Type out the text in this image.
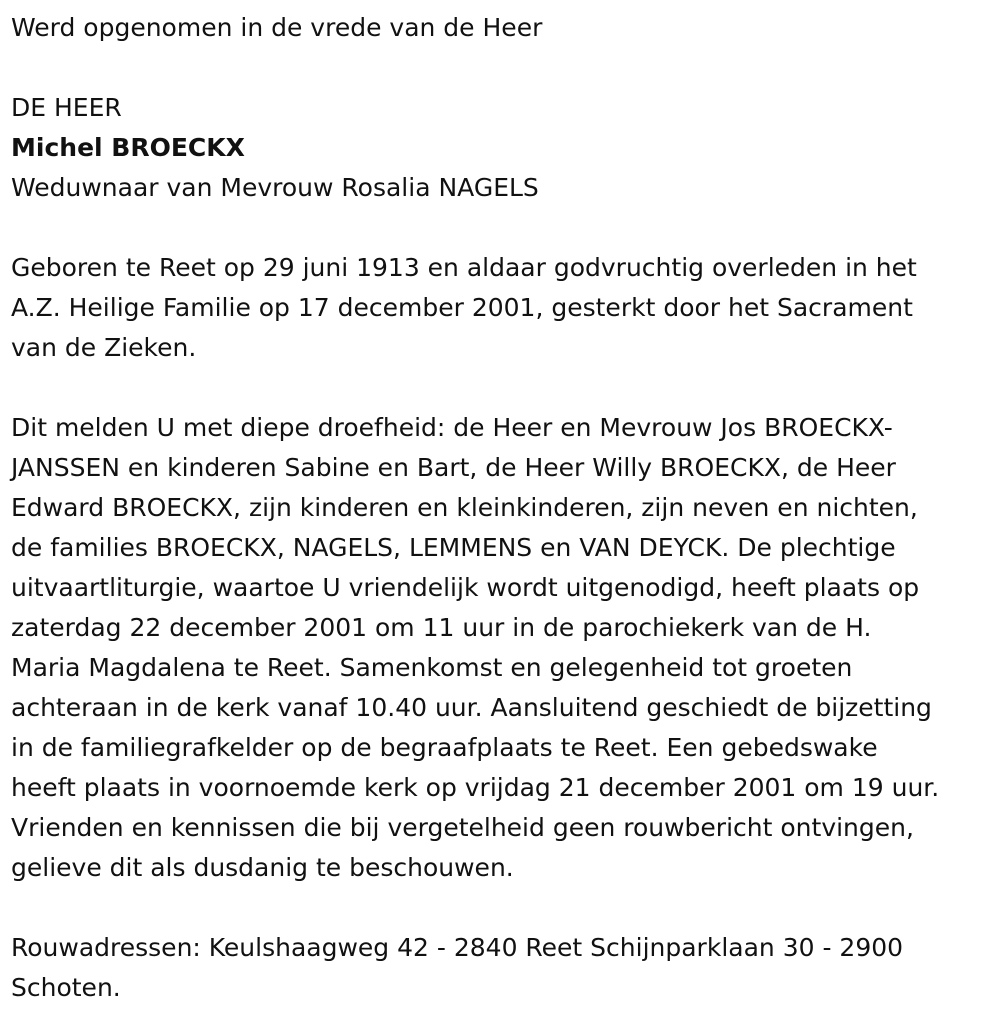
Werd opgenomen in de vrede van de Heer

DE HEER

Michel BROECKX

Weduwnaar van Mevrouw Rosalia NAGELS

Geboren te Reet op 29 juni 1913 en aldaar godvruchtig overleden in het
A.Z. Heilige Familie op 17 december 2001, gesterkt door het Sacrament
van de Zieken.
Dit melden U met diepe droefheid: de Heer en Mevrouw Jos BROECKX-
JANSSEN en kinderen Sabine en Bart, de Heer Willy BROECKX, de Heer
Edward BROECKX, zijn kinderen en kleinkinderen, zijn neven en nichten,
de families BROECKX, NAGELS, LEMMENS en VAN DEYCK. De plechtige
uitvaartliturgie, waartoe U vriendelijk wordt uitgenodigd, heeft plaats op
zaterdag 22 december 2001 om 11 uur in de parochiekerk van de H.
Maria Magdalena te Reet. Samenkomst en gelegenheid tot groeten
achteraan in de kerk vanaf 10.40 uur. Aansluitend geschiedt de bijzetting
in de familiegrafkelder op de begraafplaats te Reet. Een gebedswake
heeft plaats in voornoemde kerk op vrijdag 21 december 2001 om 19 uur.
Vrienden en kennissen die bij vergetelheid geen rouwbericht ontvingen,
gelieve dit als dusdanig te beschouwen.
Rouwadressen: Keulshaagweg 42 - 2840 Reet Schijnparklaan 30 - 2900
Schoten.
